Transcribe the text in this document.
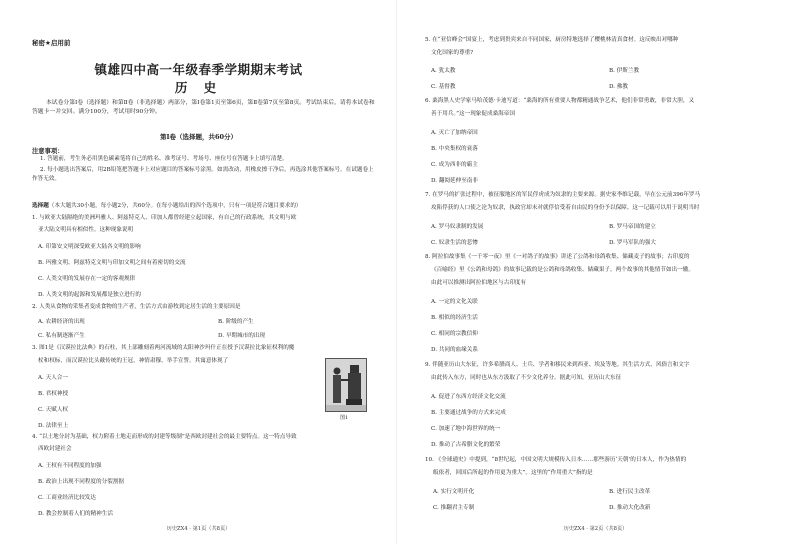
秘密★启用前
镇雄四中高一年级春季学期期末考试
历 史
本试卷分第Ⅰ卷（选择题）和第Ⅱ卷（非选择题）两部分，第Ⅰ卷第1页至第6页，第Ⅱ卷第7页至第8页。考试结束后，请将本试卷和答题卡一并交回。满分100分，考试用时90分钟。
第Ⅰ卷（选择题，共60分）
注意事项：
1. 答题前，考生务必用黑色碳素笔将自己的姓名、准考证号、考场号、座位号在答题卡上填写清楚。
2. 每小题选出答案后，用2B铅笔把答题卡上对应题目的答案标号涂黑。如需改动，用橡皮擦干净后，再选涂其他答案标号。在试题卷上作答无效。
选择题（本大题共30小题，每小题2分，共60分。在每小题给出的四个选项中，只有一项是符合题目要求的）
1. 与欧亚大陆隔绝的美洲玛雅人、阿兹特克人、印加人都曾经建立起国家，有自己的行政系统，其文明与欧
亚大陆文明具有相似性。这种现象说明
A. 印第安文明深受欧亚大陆各文明的影响
B. 玛雅文明、阿兹特克文明与印加文明之间有着密切的交流
C. 人类文明的发展存在一定的客观规律
D. 人类文明的起源和发展都是独立进行的
2. 人类从食物的采集者变成食物的生产者，生活方式由游牧到定居生活的主要原因是
A. 农耕经济的出现	B. 阶级的产生
C. 私有制逐渐产生	D. 早期城市的出现
3. 图1是《汉谟拉比法典》的石柱，其上部雕刻着两河流域的太阳神沙玛什正在授予汉谟拉比象征权利的魔
杖和权标，而汉谟拉比头戴传统的王冠，神情肃穆，举手宣誓。其寓意体现了
A. 天人合一
B. 君权神授
C. 天赋人权
D. 法律至上
图1
4. “以土地分封为基础，权力附着土地走而形成的封建等级制”是西欧封建社会的最主要特点。这一特点导致
西欧封建社会
A. 王权有不同程度的加强
B. 政治上出现不同程度的分裂割据
C. 工商业经济比较发达
D. 教会控制着人们的精神生活
历史ZX4 · 第1页（共8页）
5. 在“亚信峰会”国宴上，考虑到贵宾来自不同国家，厨房特地选择了樱桃林清真食材。这反映出对哪种
文化国家的尊重?
A. 犹太教	B. 伊斯兰教
C. 基督教	D. 佛教
6. 桑海黑人史学家马哈茂德·卡迪写道：“桑海的所有重要人物都精通战争艺术，他们非常勇敢，非常大胆，又
善于用兵。”这一现象促成桑海帝国
A. 灭亡了加纳帝国
B. 中央集权的衰落
C. 成为西非的霸主
D. 翻阅延伸至南非
7. 在罗马的扩张过程中，被征服地区的军民俘虏成为奴隶的主要来源。据史家李维记载，早在公元前396年罗马
攻陷俘获的人口使之沦为奴隶，执政官却未对就俘信受着自由民的身份予以保障。这一记载可以用于说明当时
A. 罗马奴隶制的发展	B. 罗马帝国的建立
C. 奴隶生活的悲惨	D. 罗马军队的强大
8. 阿拉伯故事集《一千零一夜》里《一对鸽子的故事》讲述了公鸽和母鸽收集、储藏麦子的故事；古印度的
《百喻经》里《公鸽和母鸽》的故事记载的是公鸽和母鸽收集、储藏果子。两个故事的其他情节如出一辙。
由此可以推测出阿拉伯地区与古印度有
A. 一定的文化关联
B. 相似的经济生活
C. 相同的宗教信仰
D. 共同的血缘关系
9. 伴随亚历山大东征，许多希腊商人、士兵、学者和移民来到西亚、埃及等地。其生活方式、风俗言和文字
由此传入东方，同时也从东方汲取了不少文化养分。据此可知，亚历山大东征
A. 促进了东西方经济文化交流
B. 主要通过战争的方式来完成
C. 加速了地中海世界的统一
D. 推动了古希腊文化的繁荣
10. 《全球通史》中提到，“8世纪起，中国文明大规模传入日本……那些游历‘天朝’的日本人，作为热情的
皈依者，回国后所起的作用更为重大”。这里的“作用重大”指的是
A. 实行文明开化	B. 进行民主改革
C. 推翻君主专制	D. 推动大化改新
历史ZX4 · 第2页（共8页）
